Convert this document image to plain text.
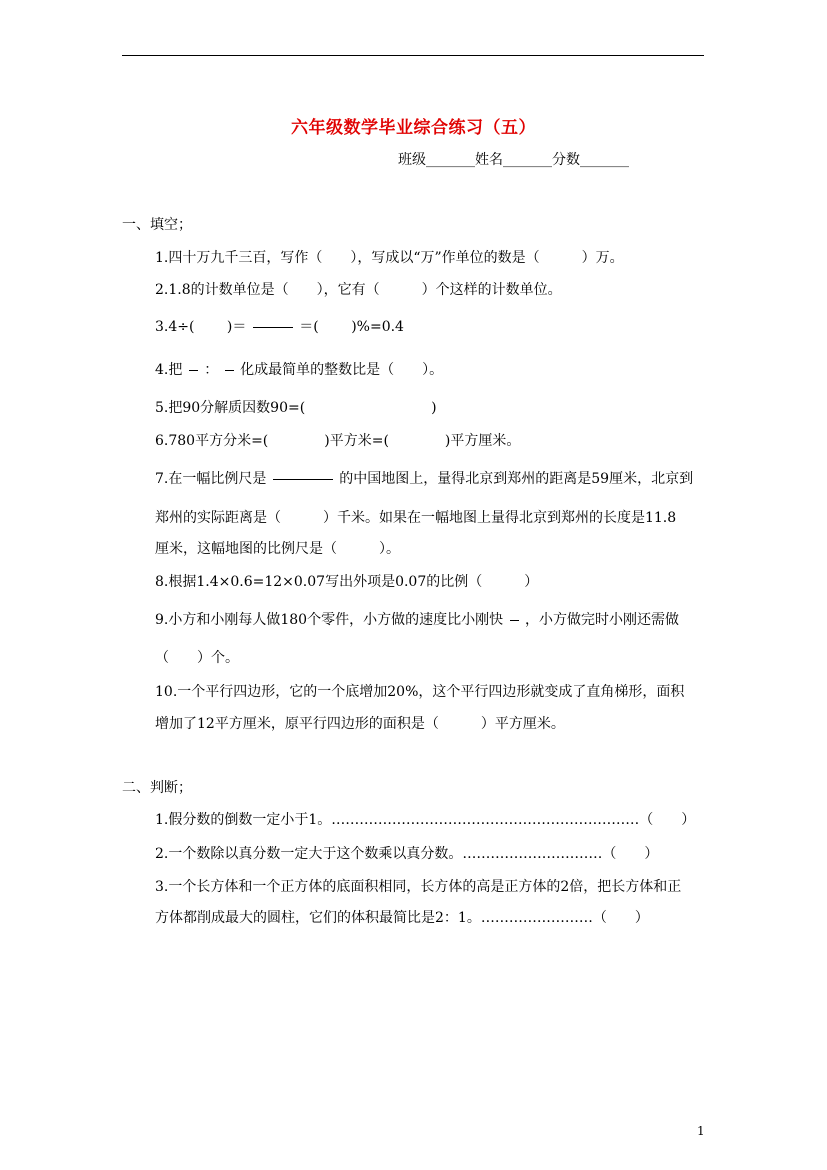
六年级数学毕业综合练习（五）
班级_______姓名_______分数_______
一、填空；
1.四十万九千三百，写作（　　），写成以“万”作单位的数是（　　　）万。
2.1.8的计数单位是（　　），它有（　　　）个这样的计数单位。
3.4÷(　　 )＝	＝(　　 )%=0.4
4.把 ： 化成最简单的整数比是（　　）。
5.把90分解质因数90=(　　　　　　　　　)
6.780平方分米=(　　　　)平方米=(　　　　)平方厘米。
7.在一幅比例尺是	的中国地图上，量得北京到郑州的距离是59厘米，北京到
郑州的实际距离是（　　　）千米。如果在一幅地图上量得北京到郑州的长度是11.8
厘米，这幅地图的比例尺是（　　　）。
8.根据1.4×0.6=12×0.07写出外项是0.07的比例（　　　）
9.小方和小刚每人做180个零件，小方做的速度比小刚快 ，小方做完时小刚还需做
（　　）个。
10.一个平行四边形，它的一个底增加20%，这个平行四边形就变成了直角梯形，面积
增加了12平方厘米，原平行四边形的面积是（　　　）平方厘米。
二、判断；
1.假分数的倒数一定小于1。…………………………………………………………（　　）
2.一个数除以真分数一定大于这个数乘以真分数。…………………………（　　）
3.一个长方体和一个正方体的底面积相同，长方体的高是正方体的2倍，把长方体和正
方体都削成最大的圆柱，它们的体积最简比是2：1。……………………（　　）
1
